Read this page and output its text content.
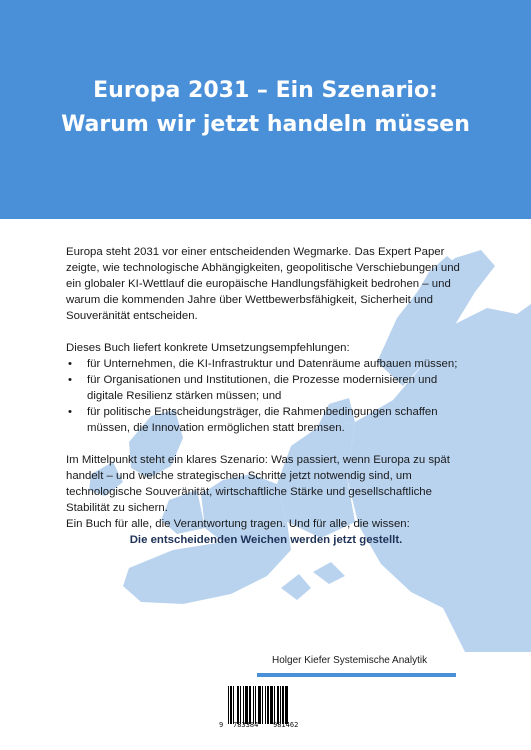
Europa 2031 – Ein Szenario:
Warum wir jetzt handeln müssen

Europa steht 2031 vor einer entscheidenden Wegmarke. Das Expert Paper zeigte, wie technologische Abhängigkeiten, geopolitische Verschiebungen und ein globaler KI-Wettlauf die europäische Handlungsfähigkeit bedrohen – und warum die kommenden Jahre über Wettbewerbsfähigkeit, Sicherheit und Souveränität entscheiden.

Dieses Buch liefert konkrete Umsetzungsempfehlungen:

• für Unternehmen, die KI-Infrastruktur und Datenräume aufbauen müssen;
• für Organisationen und Institutionen, die Prozesse modernisieren und digitale Resilienz stärken müssen; und
• für politische Entscheidungsträger, die Rahmenbedingungen schaffen müssen, die Innovation ermöglichen statt bremsen.

Im Mittelpunkt steht ein klares Szenario: Was passiert, wenn Europa zu spät handelt – und welche strategischen Schritte jetzt notwendig sind, um technologische Souveränität, wirtschaftliche Stärke und gesellschaftliche Stabilität zu sichern.

Ein Buch für alle, die Verantwortung tragen. Und für alle, die wissen:

Die entscheidenden Weichen werden jetzt gestellt.

Holger Kiefer Systemische Analytik
9 783384 981462
